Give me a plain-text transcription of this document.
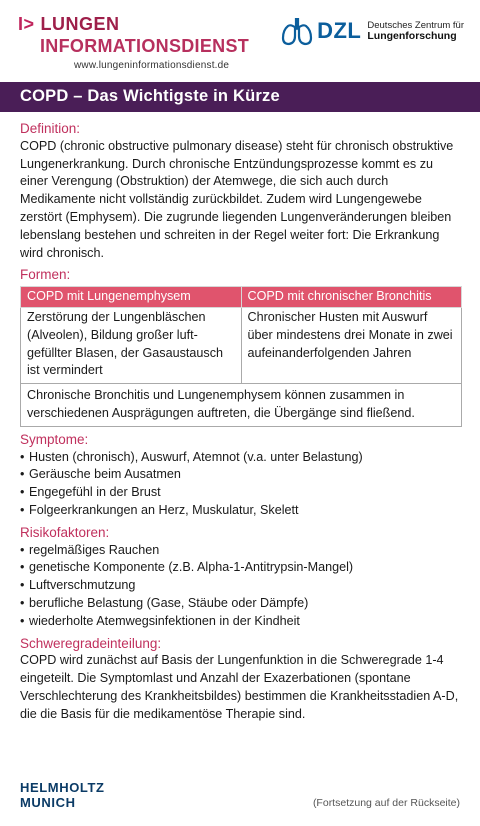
I> LUNGEN
INFORMATIONSDIENST
www.lungeninformationsdienst.de
DZL Deutsches Zentrum für
Lungenforschung
COPD – Das Wichtigste in Kürze
Definition:
COPD (chronic obstructive pulmonary disease) steht für chronisch obstruktive Lungenerkrankung. Durch chronische Entzündungsprozesse kommt es zu einer Verengung (Obstruktion) der Atemwege, die sich auch durch Medikamente nicht vollständig zurückbildet. Zudem wird Lungengewebe zerstört (Emphysem). Die zugrunde liegenden Lungenveränderungen bleiben lebenslang bestehen und schreiten in der Regel weiter fort: Die Erkrankung wird chronisch.
Formen:
COPD mit Lungenemphysem	COPD mit chronischer Bronchitis
Zerstörung der Lungenbläschen (Alveolen), Bildung großer luftgefüllter Blasen, der Gasaustausch ist vermindert	Chronischer Husten mit Auswurf über mindestens drei Monate in zwei aufeinanderfolgenden Jahren
Chronische Bronchitis und Lungenemphysem können zusammen in verschiedenen Ausprägungen auftreten, die Übergänge sind fließend.	
Symptome:
• Husten (chronisch), Auswurf, Atemnot (v.a. unter Belastung)
• Geräusche beim Ausatmen
• Engegefühl in der Brust
• Folgeerkrankungen an Herz, Muskulatur, Skelett
Risikofaktoren:
• regelmäßiges Rauchen
• genetische Komponente (z.B. Alpha-1-Antitrypsin-Mangel)
• Luftverschmutzung
• berufliche Belastung (Gase, Stäube oder Dämpfe)
• wiederholte Atemwegsinfektionen in der Kindheit
Schweregradeinteilung:
COPD wird zunächst auf Basis der Lungenfunktion in die Schweregrade 1-4 eingeteilt. Die Symptomlast und Anzahl der Exazerbationen (spontane Verschlechterung des Krankheitsbildes) bestimmen die Krankheitsstadien A-D, die die Basis für die medikamentöse Therapie sind.
HELMHOLTZ
MUNICH	(Fortsetzung auf der Rückseite)
